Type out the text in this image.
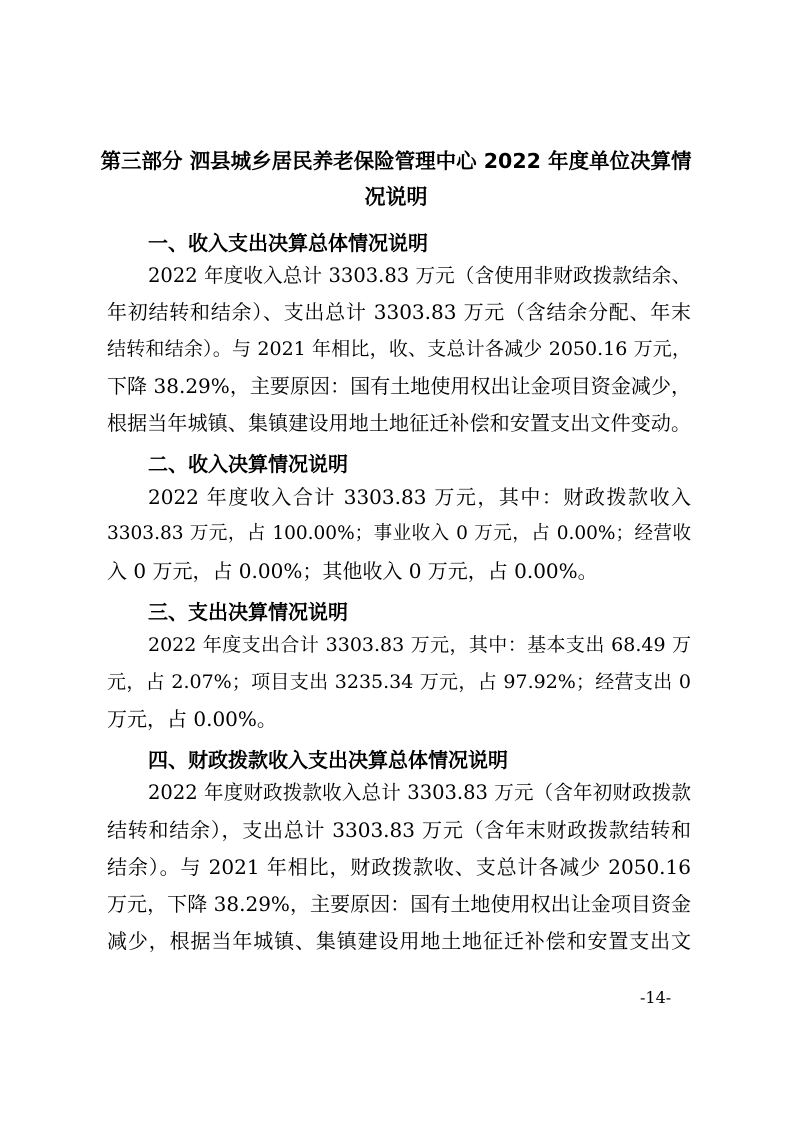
第三部分 泗县城乡居民养老保险管理中心 2022 年度单位决算情
况说明
一、收入支出决算总体情况说明

2022 年度收入总计 3303.83 万元（含使用非财政拨款结余、

年初结转和结余）、支出总计 3303.83 万元（含结余分配、年末

结转和结余）。与 2021 年相比，收、支总计各减少 2050.16 万元，

下降 38.29%，主要原因：国有土地使用权出让金项目资金减少，

根据当年城镇、集镇建设用地土地征迁补偿和安置支出文件变动。

二、收入决算情况说明

2022 年度收入合计 3303.83 万元，其中：财政拨款收入

3303.83 万元，占 100.00%；事业收入 0 万元，占 0.00%；经营收

入 0 万元，占 0.00%；其他收入 0 万元，占 0.00%。

三、支出决算情况说明

2022 年度支出合计 3303.83 万元，其中：基本支出 68.49 万

元，占 2.07%；项目支出 3235.34 万元，占 97.92%；经营支出 0

万元，占 0.00%。

四、财政拨款收入支出决算总体情况说明

2022 年度财政拨款收入总计 3303.83 万元（含年初财政拨款

结转和结余），支出总计 3303.83 万元（含年末财政拨款结转和

结余）。与 2021 年相比，财政拨款收、支总计各减少 2050.16

万元，下降 38.29%，主要原因：国有土地使用权出让金项目资金

减少，根据当年城镇、集镇建设用地土地征迁补偿和安置支出文

-14-
